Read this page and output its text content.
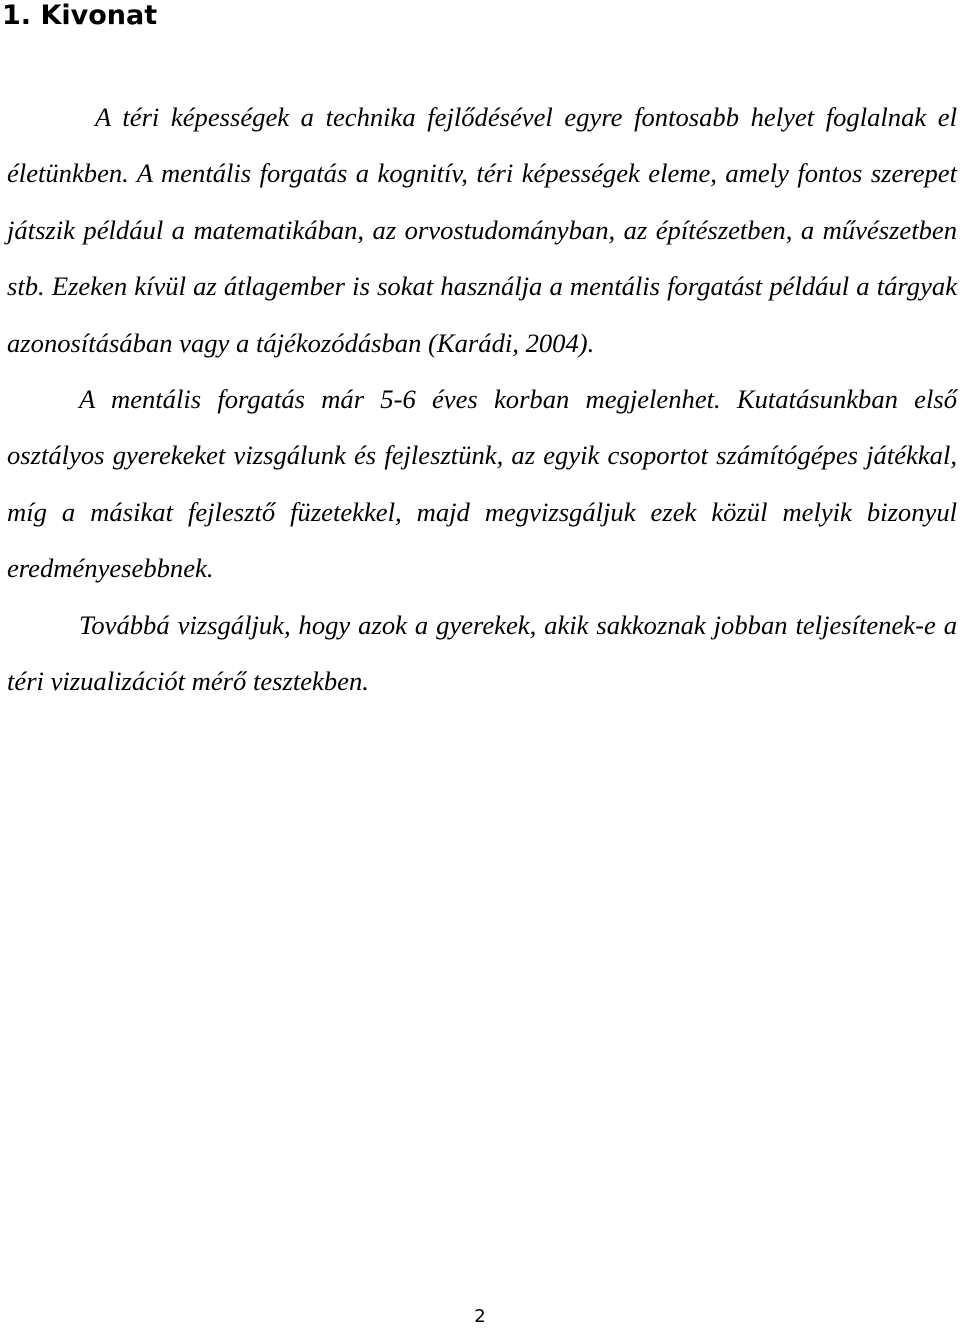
1. Kivonat

A téri képességek a technika fejlődésével egyre fontosabb helyet foglalnak el életünkben. A mentális forgatás a kognitív, téri képességek eleme, amely fontos szerepet játszik például a matematikában, az orvostudományban, az építészetben, a művészetben stb. Ezeken kívül az átlagember is sokat használja a mentális forgatást például a tárgyak azonosításában vagy a tájékozódásban (Karádi, 2004).

A mentális forgatás már 5-6 éves korban megjelenhet. Kutatásunkban első osztályos gyerekeket vizsgálunk és fejlesztünk, az egyik csoportot számítógépes játékkal, míg a másikat fejlesztő füzetekkel, majd megvizsgáljuk ezek közül melyik bizonyul eredményesebbnek.

Továbbá vizsgáljuk, hogy azok a gyerekek, akik sakkoznak jobban teljesítenek-e a téri vizualizációt mérő tesztekben.

2
